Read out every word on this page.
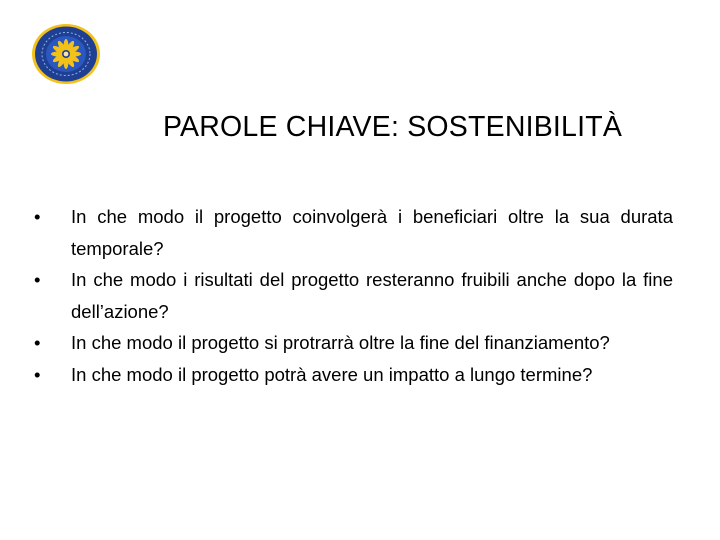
PAROLE CHIAVE: SOSTENIBILITÀ
•	In che modo il progetto coinvolgerà i beneficiari oltre la sua durata temporale?
•	In che modo i risultati del progetto resteranno fruibili anche dopo la fine dell’azione?
•	In che modo il progetto si protrarrà oltre la fine del finanziamento?
•	In che modo il progetto potrà avere un impatto a lungo termine?
